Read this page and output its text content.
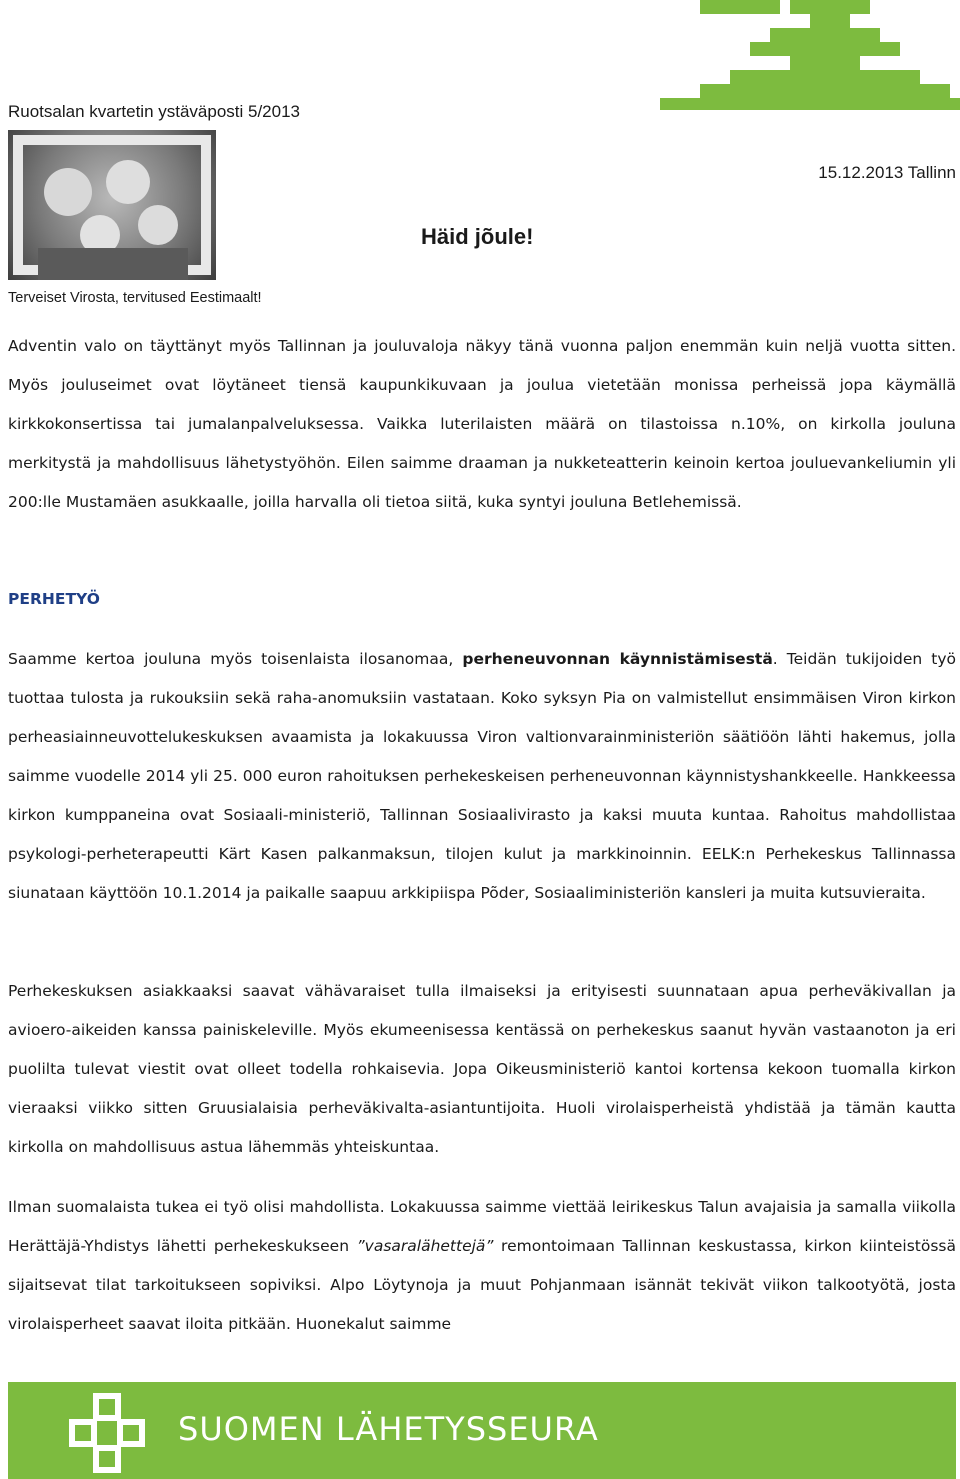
Ruotsalan kvartetin ystäväposti 5/2013
15.12.2013 Tallinn
Häid jõule!
Terveiset Virosta, tervitused Eestimaalt!

Adventin valo on täyttänyt myös Tallinnan ja jouluvaloja näkyy tänä vuonna paljon enemmän kuin neljä vuotta sitten. Myös jouluseimet ovat löytäneet tiensä kaupunkikuvaan ja joulua vietetään monissa perheissä jopa käymällä kirkkokonsertissa tai jumalanpalveluksessa. Vaikka luterilaisten määrä on tilastoissa n.10%, on kirkolla jouluna merkitystä ja mahdollisuus lähetystyöhön. Eilen saimme draaman ja nukketeatterin keinoin kertoa jouluevankeliumin yli 200:lle Mustamäen asukkaalle, joilla harvalla oli tietoa siitä, kuka syntyi jouluna Betlehemissä.

PERHETYÖ

Saamme kertoa jouluna myös toisenlaista ilosanomaa, perheneuvonnan käynnistämisestä. Teidän tukijoiden työ tuottaa tulosta ja rukouksiin sekä raha-anomuksiin vastataan. Koko syksyn Pia on valmistellut ensimmäisen Viron kirkon perheasiainneuvottelukeskuksen avaamista ja lokakuussa Viron valtionvarainministeriön säätiöön lähti hakemus, jolla saimme vuodelle 2014 yli 25. 000 euron rahoituksen perhekeskeisen perheneuvonnan käynnistyshankkeelle. Hankkeessa kirkon kumppaneina ovat Sosiaali-ministeriö, Tallinnan Sosiaalivirasto ja kaksi muuta kuntaa. Rahoitus mahdollistaa psykologi-perheterapeutti Kärt Kasen palkanmaksun, tilojen kulut ja markkinoinnin. EELK:n Perhekeskus Tallinnassa siunataan käyttöön 10.1.2014 ja paikalle saapuu arkkipiispa Põder, Sosiaaliministeriön kansleri ja muita kutsuvieraita.

Perhekeskuksen asiakkaaksi saavat vähävaraiset tulla ilmaiseksi ja erityisesti suunnataan apua perheväkivallan ja avioero-aikeiden kanssa painiskeleville. Myös ekumeenisessa kentässä on perhekeskus saanut hyvän vastaanoton ja eri puolilta tulevat viestit ovat olleet todella rohkaisevia. Jopa Oikeusministeriö kantoi kortensa kekoon tuomalla kirkon vieraaksi viikko sitten Gruusialaisia perheväkivalta-asiantuntijoita. Huoli virolaisperheistä yhdistää ja tämän kautta kirkolla on mahdollisuus astua lähemmäs yhteiskuntaa.

Ilman suomalaista tukea ei työ olisi mahdollista. Lokakuussa saimme viettää leirikeskus Talun avajaisia ja samalla viikolla Herättäjä-Yhdistys lähetti perhekeskukseen ”vasaralähettejä” remontoimaan Tallinnan keskustassa, kirkon kiinteistössä sijaitsevat tilat tarkoitukseen sopiviksi. Alpo Löytynoja ja muut Pohjanmaan isännät tekivät viikon talkootyötä, josta virolaisperheet saavat iloita pitkään. Huonekalut saimme

SUOMEN LÄHETYSSEURA
